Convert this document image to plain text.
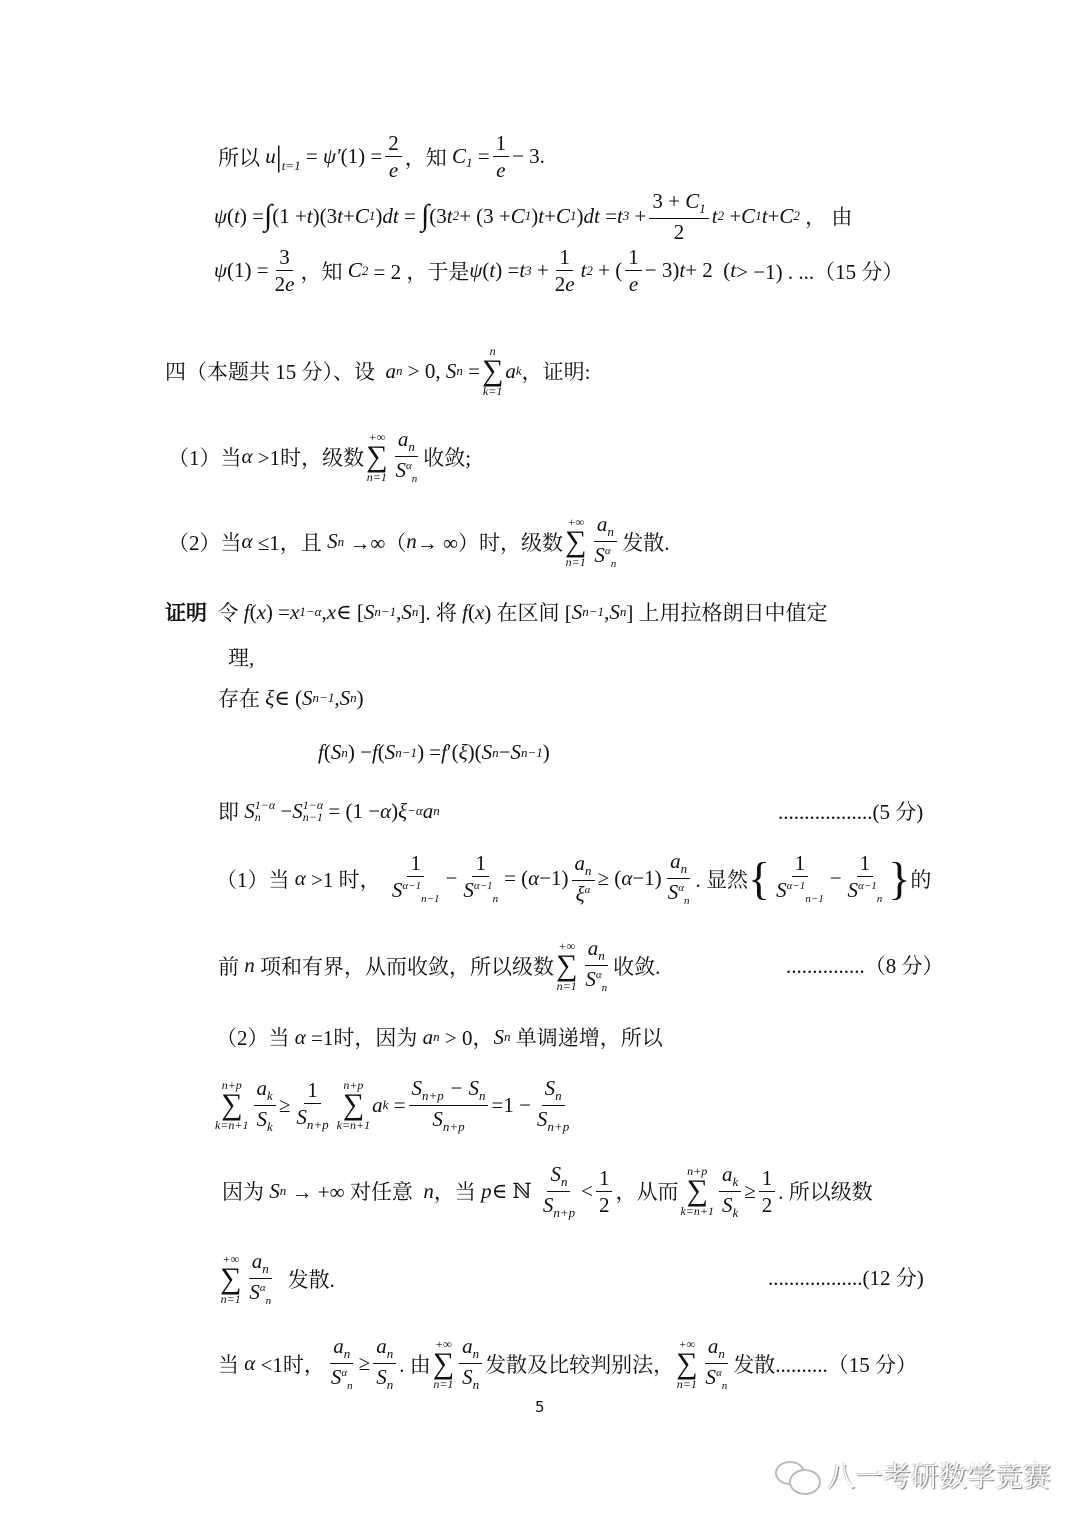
所以 u $|_{t=1} = \psi'$ $(1) = \frac{2}{e}$ ，知 $C_1 = \frac{1}{e} - 3$.
ψ ( t ) = ∫ (1 + t )(3 t + C 1 ) dt = ∫ (3 t 2 + (3 + C 1 ) t + C 1 ) dt = t $3 + \frac{3 + C_1}{2}$ t 2 + C 1 t + C 2 ， 由
ψ $(1) = \frac{3}{2e}$ ，知 C 2 = 2 ，于是 ψ ( t ) = t $3 + \frac{1}{2e}$ t 2 + ( $\frac{1}{e} - 3$) t + 2  ( t > −1) . ...（15 分）
四（本题共 15 分）、设
a n > 0, S n =
n
∑
k=1
a k ，证明:
（1）当 α >1时，级数
+∞
∑
$n=1 \frac{a_n}{S^\alpha_n}$ 收敛;
（2）当 α ≤1，且 S n →∞（ n → ∞）时，级数
+∞
∑
$n=1 \frac{a_n}{S^\alpha_n}$ 发散.
证明 令 f ( x ) = x 1−α , x ∈ [ S n−1 , S n ]. 将 f ( x ) 在区间 [ S n−1 , S n ] 上用拉格朗日中值定
理,
存在 ξ ∈ ( S n−1 , S n )
f ( S n ) − f ( S n−1 ) = f ′( ξ )( S n − S n−1 )
即 S 1−α
n − S 1−α
n−1 = (1 − α ) ξ −α a n	..................(5 分)
（1）当 α >1 时， $\frac{1}{S^{\alpha-1}_{n-1}} - \frac{1}{S^{\alpha-1}_n}$ = ( $\alpha -1) \frac{a_n}{\xi^\alpha}$ ≥ ( $\alpha -1) \frac{a_n}{S^\alpha_n}$ . 显然 { $\frac{1}{S^{\alpha-1}_{n-1}} - \frac{1}{S^{\alpha-1}_n}$ } 的
前 n 项和有界，从而收敛，所以级数
+∞
∑
$n=1 \frac{a_n}{S^\alpha_n}$ 收敛.	...............（8 分）
（2）当 α =1时，因为 a n > 0， S n 单调递增，所以
n+p
∑
$k=n+1 \frac{a_k}{S_k} \ge \frac{1}{S_{n+p}} n+p$
∑
k=n+1
a $k = \frac{S_{n+p} - S_n}{S_{n+p}} =1 - \frac{S_n}{S_{n+p}}$
因为 S n → +∞ 对任意 n ，当 p ∈ ℕ $\frac{S_n}{S_{n+p}} < \frac{1}{2}$ ，从而
n+p
∑
$k=n+1 \frac{a_k}{S_k} \ge \frac{1}{2}$ . 所以级数
+∞
∑
$n=1 \frac{a_n}{S^\alpha_n}$ 发散.	..................(12 分)
当 α <1时， $\frac{a_n}{S^\alpha_n} \ge \frac{a_n}{S_n}$ . 由
+∞
∑
$n=1 \frac{a_n}{S_n}$ 发散及比较判别法，
+∞
∑
$n=1 \frac{a_n}{S^\alpha_n}$ 发散 ..........（15 分）
5
八一考研数学竞赛
